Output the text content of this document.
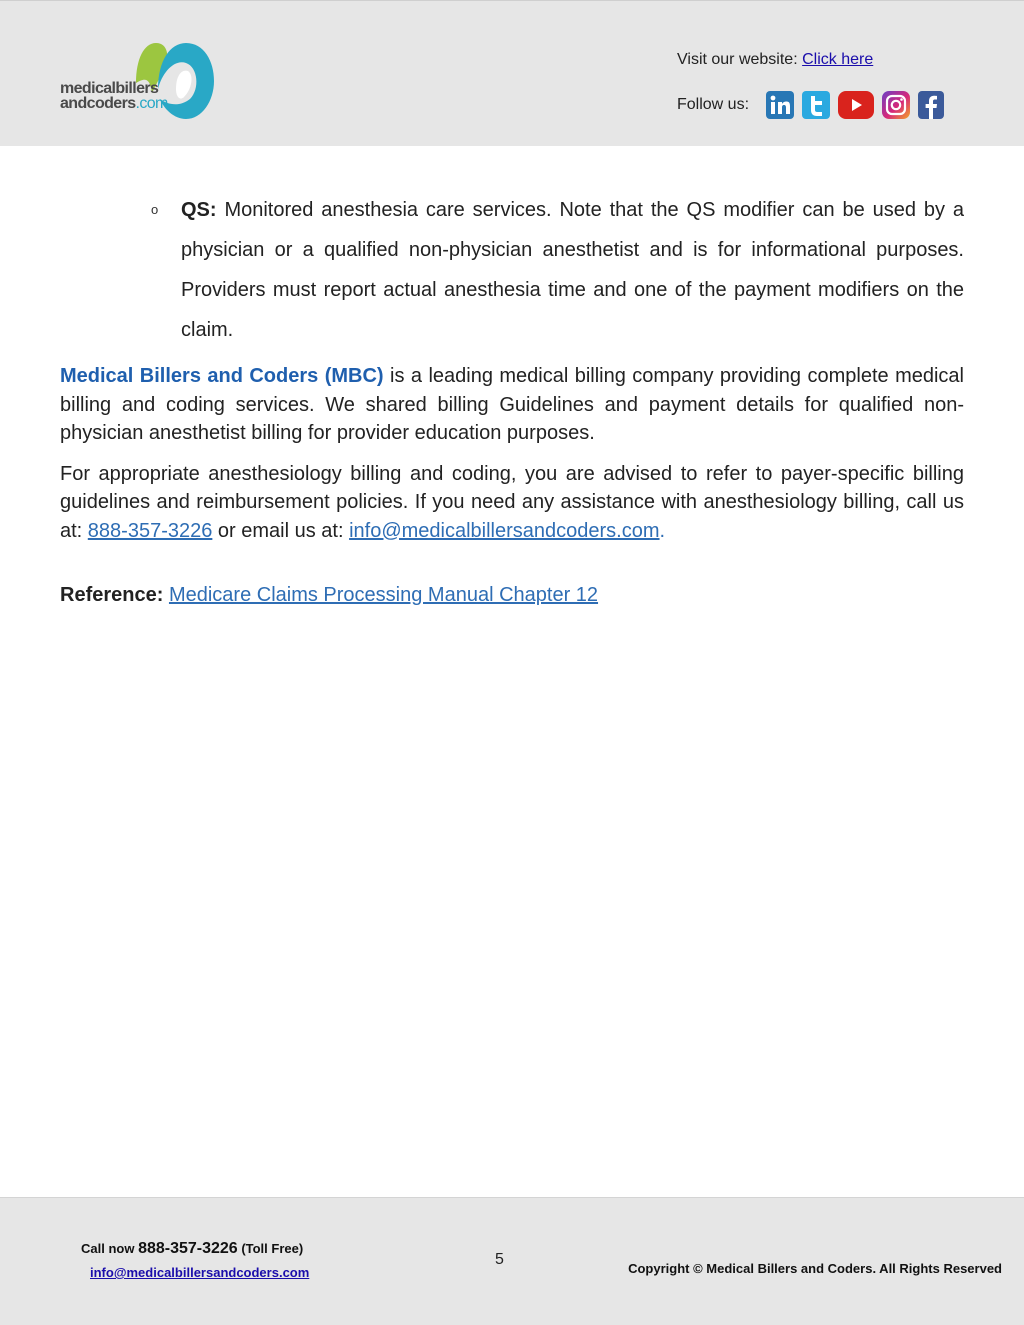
medicalbillers
andcoders.com
Visit our website: Click here
Follow us:
o QS: Monitored anesthesia care services. Note that the QS modifier can be used by a physician or a qualified non-physician anesthetist and is for informational purposes. Providers must report actual anesthesia time and one of the payment modifiers on the claim.

Medical Billers and Coders (MBC) is a leading medical billing company providing complete medical billing and coding services. We shared billing Guidelines and payment details for qualified non-physician anesthetist billing for provider education purposes.

For appropriate anesthesiology billing and coding, you are advised to refer to payer-specific billing guidelines and reimbursement policies. If you need any assistance with anesthesiology billing, call us at: 888-357-3226 or email us at: info@medicalbillersandcoders.com.

Reference: Medicare Claims Processing Manual Chapter 12

Call now 888-357-3226 (Toll Free)
info@medicalbillersandcoders.com
5
Copyright © Medical Billers and Coders. All Rights Reserved
